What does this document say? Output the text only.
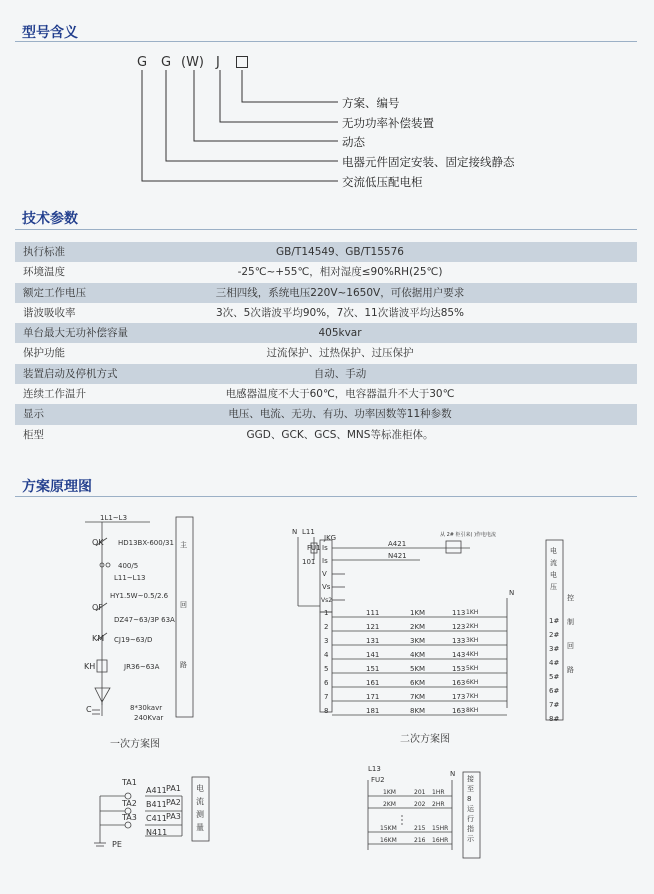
型号含义
G G (W) J
方案、编号
无功功率补偿装置
动态
电器元件固定安装、固定接线静态
交流低压配电柜
技术参数
执行标准	GB/T14549、GB/T15576
环境温度	-25℃~+55℃，相对湿度≤90%RH(25℃)
额定工作电压	三相四线，系统电压220V~1650V，可依据用户要求
谐波吸收率	3次、5次谐波平均90%，7次、11次谐波平均达85%
单台最大无功补偿容量	405kvar
保护功能	过流保护、过热保护、过压保护
装置启动及停机方式	自动、手动
连续工作温升	电感器温度不大于60℃，电容器温升不大于30℃
显示	电压、电流、无功、有功、功率因数等11种参数
柜型	GGD、GCK、GCS、MNS等标准柜体。
方案原理图
1L1~L3
QK HD13BX-600/31
400/5
L11~L13
HY1.5W~0.5/2.6
QF
DZ47~63/3P 63A
KM CJ19~63/D
KH	JR36~63A
C	8*30kavr
240Kvar
主
回
路
一次方案图
N L11
FU1
101
JKG
Is
Is
V
Vs
Vs2
A421
N421
从 2# 柜引来( )作电电流
N
电
流
电
压
控
制
回
路
1#
2#
3#
4#
5#
6#
7#
8#
二次方案图
TA1
TA2
TA3
A411
B411
C411
PA1
PA2
PA3
N411
PE
电
流
测
量
L13
FU2
N
1KM	201 1HR
2KM	202 2HR
15KM	215 15HR
16KM	216 16HR
接
至
8
运
行
指
示
1	111	1KM	113 1KH
2	121	2KM	123 2KH
3	131	3KM	133 3KH
4	141	4KM	143 4KH
5	151	5KM	153 5KH
6	161	6KM	163 6KH
7	171	7KM	173 7KH
8	181	8KM	163 8KH
